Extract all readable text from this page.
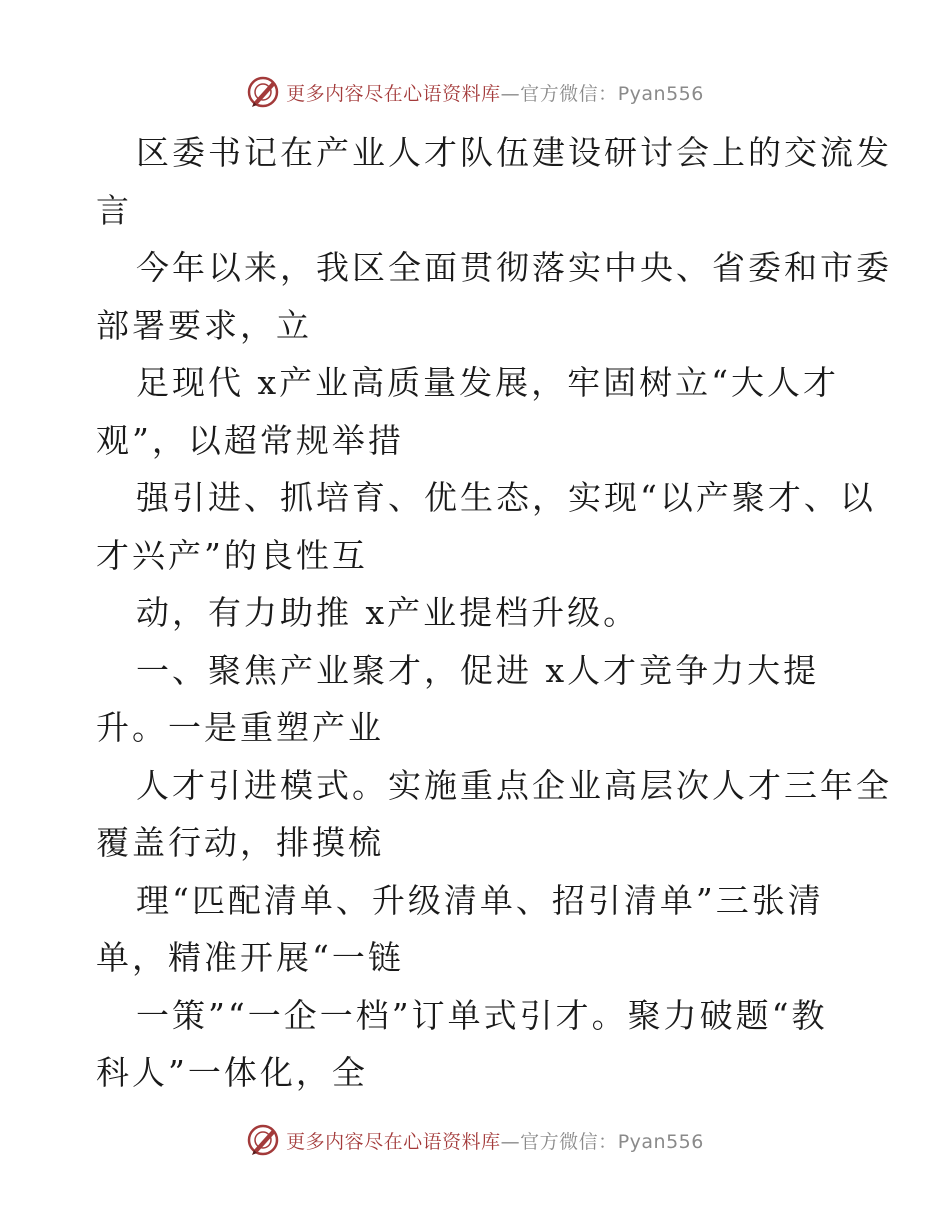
更多内容尽在心语资料库—官方微信：Pyan556

区委书记在产业人才队伍建设研讨会上的交流发
言

今年以来，我区全面贯彻落实中央、省委和市委
部署要求，立

足现代 x产业高质量发展，牢固树立“大人才
观”，以超常规举措

强引进、抓培育、优生态，实现“以产聚才、以
才兴产”的良性互

动，有力助推 x产业提档升级。

一、聚焦产业聚才，促进 x人才竞争力大提
升。一是重塑产业

人才引进模式。实施重点企业高层次人才三年全
覆盖行动，排摸梳

理“匹配清单、升级清单、招引清单”三张清
单，精准开展“一链

一策”“一企一档”订单式引才。聚力破题“教
科人”一体化，全

更多内容尽在心语资料库—官方微信：Pyan556
